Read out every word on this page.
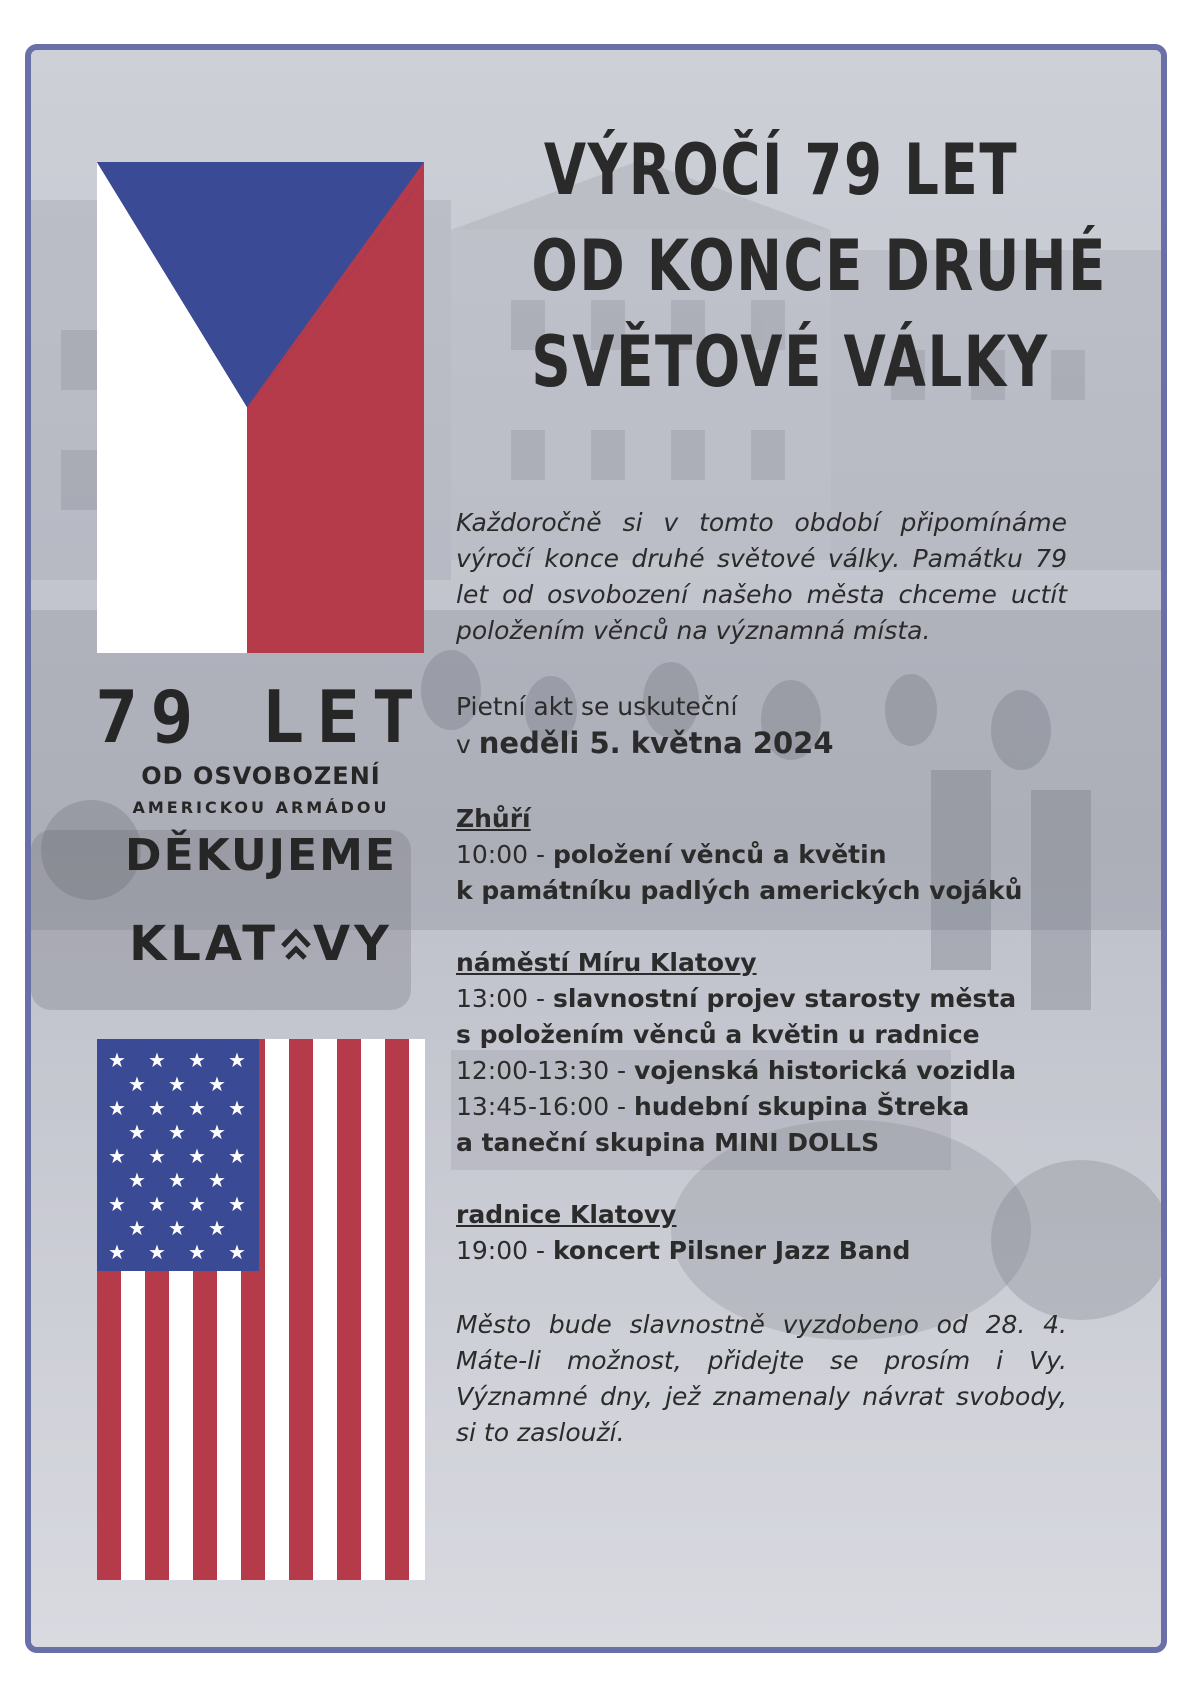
79 LET
OD OSVOBOZENÍ
AMERICKOU ARMÁDOU
DĚKUJEME
KLAT VY
★ ★ ★ ★
★ ★ ★
★ ★ ★ ★
★ ★ ★
★ ★ ★ ★
★ ★ ★
★ ★ ★ ★
★ ★ ★
★ ★ ★ ★
VÝROČÍ 79 LET
OD KONCE DRUHÉ
SVĚTOVÉ VÁLKY

Každoročně si v tomto období připomínáme výročí konce druhé světové války. Památku 79 let od osvobození našeho města chceme uctít položením věnců na významná místa.

Pietní akt se uskuteční
v neděli 5. května 2024

Zhůří
10:00 - položení věnců a květin
k památníku padlých amerických vojáků
náměstí Míru Klatovy
13:00 - slavnostní projev starosty města
s položením věnců a květin u radnice
12:00-13:30 - vojenská historická vozidla
13:45-16:00 - hudební skupina Štreka
a taneční skupina MINI DOLLS
radnice Klatovy
19:00 - koncert Pilsner Jazz Band

Město bude slavnostně vyzdobeno od 28. 4. Máte-li možnost, přidejte se prosím i Vy. Významné dny, jež znamenaly návrat svobody, si to zaslouží.
